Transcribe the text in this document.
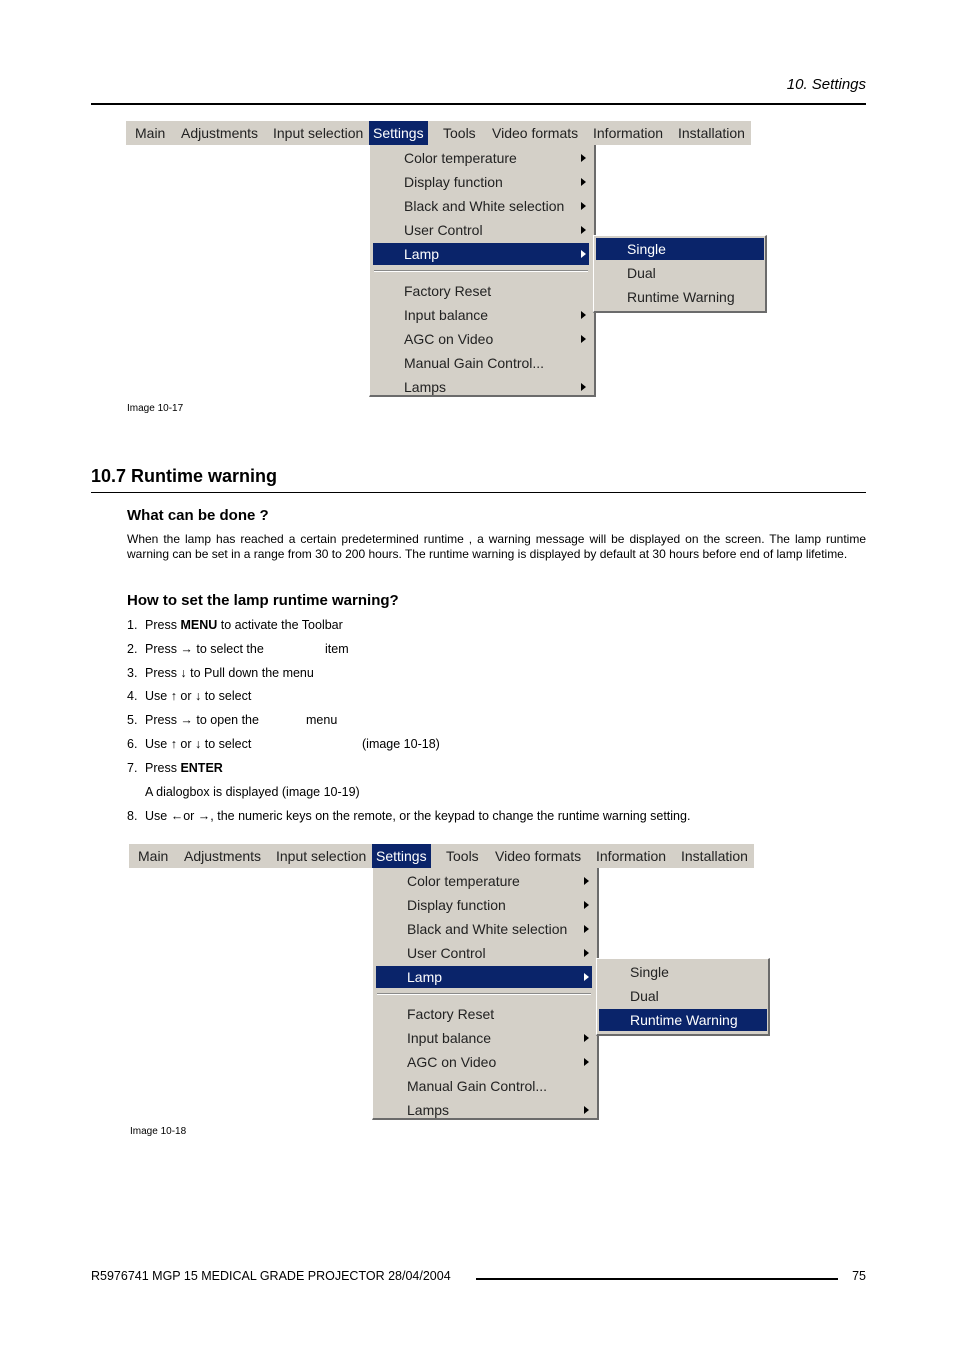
10. Settings
Main Adjustments Input selection Settings Tools Video formats Information Installation
Color temperature
Display function
Black and White selection
User Control
Lamp
Factory Reset
Input balance
AGC on Video
Manual Gain Control...
Lamps
Single
Dual
Runtime Warning
Image 10-17
10.7 Runtime warning
What can be done ?
When the lamp has reached a certain predetermined runtime , a warning message will be displayed on the screen. The lamp runtime warning can be set in a range from 30 to 200 hours. The runtime warning is displayed by default at 30 hours before end of lamp lifetime.
How to set the lamp runtime warning?
1. Press MENU to activate the Toolbar
2. Press → to select the	item
3. Press ↓ to Pull down the menu
4. Use ↑ or ↓ to select
5. Press → to open the	menu
6. Use ↑ or ↓ to select	(image 10-18)
7. Press ENTER
A dialogbox is displayed (image 10-19)
8. Use ←or →, the numeric keys on the remote, or the keypad to change the runtime warning setting.
Main Adjustments Input selection Settings Tools Video formats Information Installation
Color temperature
Display function
Black and White selection
User Control
Lamp
Factory Reset
Input balance
AGC on Video
Manual Gain Control...
Lamps
Single
Dual
Runtime Warning
Image 10-18
R5976741 MGP 15 MEDICAL GRADE PROJECTOR 28/04/2004	75
